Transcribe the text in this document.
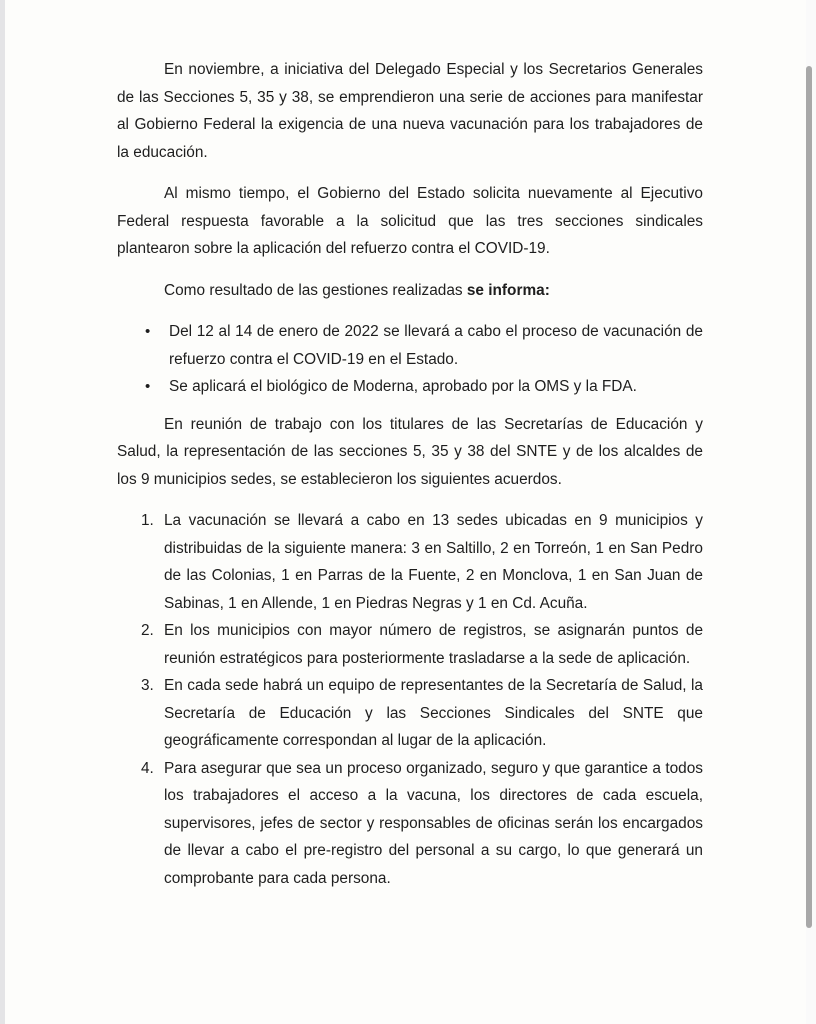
En noviembre, a iniciativa del Delegado Especial y los Secretarios Generales de las Secciones 5, 35 y 38, se emprendieron una serie de acciones para manifestar al Gobierno Federal la exigencia de una nueva vacunación para los trabajadores de la educación.

Al mismo tiempo, el Gobierno del Estado solicita nuevamente al Ejecutivo Federal respuesta favorable a la solicitud que las tres secciones sindicales plantearon sobre la aplicación del refuerzo contra el COVID-19.

Como resultado de las gestiones realizadas se informa:

• Del 12 al 14 de enero de 2022 se llevará a cabo el proceso de vacunación de refuerzo contra el COVID-19 en el Estado.
• Se aplicará el biológico de Moderna, aprobado por la OMS y la FDA.

En reunión de trabajo con los titulares de las Secretarías de Educación y Salud, la representación de las secciones 5, 35 y 38 del SNTE y de los alcaldes de los 9 municipios sedes, se establecieron los siguientes acuerdos.

1. La vacunación se llevará a cabo en 13 sedes ubicadas en 9 municipios y distribuidas de la siguiente manera: 3 en Saltillo, 2 en Torreón, 1 en San Pedro de las Colonias, 1 en Parras de la Fuente, 2 en Monclova, 1 en San Juan de Sabinas, 1 en Allende, 1 en Piedras Negras y 1 en Cd. Acuña.
2. En los municipios con mayor número de registros, se asignarán puntos de reunión estratégicos para posteriormente trasladarse a la sede de aplicación.
3. En cada sede habrá un equipo de representantes de la Secretaría de Salud, la Secretaría de Educación y las Secciones Sindicales del SNTE que geográficamente correspondan al lugar de la aplicación.
4. Para asegurar que sea un proceso organizado, seguro y que garantice a todos los trabajadores el acceso a la vacuna, los directores de cada escuela, supervisores, jefes de sector y responsables de oficinas serán los encargados de llevar a cabo el pre-registro del personal a su cargo, lo que generará un comprobante para cada persona.
